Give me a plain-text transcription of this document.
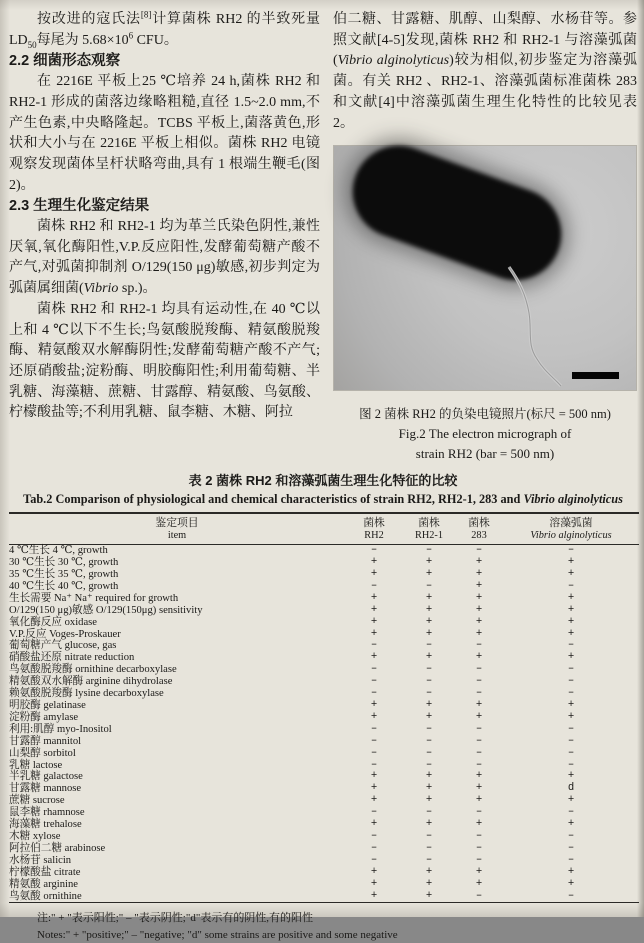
按改进的寇氏法[8]计算菌株 RH2 的半致死量 $LD_{50}$每尾为 $5.68\times 10^6$ CFU。

2.2 细菌形态观察

在 2216E 平板上25 ℃培养 24 h,菌株 RH2 和 RH2-1 形成的菌落边缘略粗糙,直径 1.5~2.0 mm,不产生色素,中央略隆起。TCBS 平板上,菌落黄色,形状和大小与在 2216E 平板上相似。菌株 RH2 电镜观察发现菌体呈杆状略弯曲,具有 1 根端生鞭毛(图 2)。

2.3 生理生化鉴定结果

菌株 RH2 和 RH2-1 均为革兰氏染色阴性,兼性厌氧,氧化酶阳性,V.P.反应阳性,发酵葡萄糖产酸不产气,对弧菌抑制剂 O/129(150 μg)敏感,初步判定为弧菌属细菌(Vibrio sp.)。

菌株 RH2 和 RH2-1 均具有运动性,在 40 ℃以上和 4 ℃以下不生长;鸟氨酸脱羧酶、精氨酸脱羧酶、精氨酸双水解酶阴性;发酵葡萄糖产酸不产气;还原硝酸盐;淀粉酶、明胶酶阳性;利用葡萄糖、半乳糖、海藻糖、蔗糖、甘露醇、精氨酸、鸟氨酸、柠檬酸盐等;不利用乳糖、鼠李糖、木糖、阿拉

伯二糖、甘露糖、肌醇、山梨醇、水杨苷等。参照文献[4-5]发现,菌株 RH2 和 RH2-1 与溶藻弧菌(Vibrio alginolyticus)较为相似,初步鉴定为溶藻弧菌。有关 RH2 、RH2-1、溶藻弧菌标准菌株 283 和文献[4]中溶藻弧菌生理生化特性的比较见表 2。

图 2 菌株 RH2 的负染电镜照片(标尺 = 500 nm)

Fig.2 The electron micrograph of

strain RH2 (bar = 500 nm)

表 2 菌株 RH2 和溶藻弧菌生理生化特征的比较
Tab.2 Comparison of physiological and chemical characteristics of strain RH2, RH2-1, 283 and Vibrio alginolyticus
鉴定项目
item

菌株
RH2

菌株
RH2-1

菌株
283

溶藻弧菌
Vibrio alginolyticus

4 ℃生长 4 ℃, growth	–	–	–	–
30 ℃生长 30 ℃, growth	+	+	+	+
35 ℃生长 35 ℃, growth	+	+	+	+
40 ℃生长 40 ℃, growth	–	–	+	–
生长需要 Na⁺ Na⁺ required for growth	+	+	+	+
O/129(150 μg)敏感 O/129(150μg) sensitivity	+	+	+	+
氧化酶反应 oxidase	+	+	+	+
V.P.反应 Voges-Proskauer	+	+	+	+
葡萄糖产气 glucose, gas	–	–	–	–
硝酸盐还原 nitrate reduction	+	+	+	+
鸟氨酸脱羧酶 ornithine decarboxylase	–	–	–	–
精氨酸双水解酶 arginine dihydrolase	–	–	–	–
赖氨酸脱羧酶 lysine decarboxylase	–	–	–	–
明胶酶 gelatinase	+	+	+	+
淀粉酶 amylase	+	+	+	+
利用:肌醇 myo-Inositol	–	–	–	–
甘露醇 mannitol	–	–	–	–
山梨醇 sorbitol	–	–	–	–
乳糖 lactose	–	–	–	–
半乳糖 galactose	+	+	+	+
甘露糖 mannose	+	+	+	d
蔗糖 sucrose	+	+	+	+
鼠李糖 rhamnose	–	–	–	–
海藻糖 trehalose	+	+	+	+
木糖 xylose	–	–	–	–
阿拉伯二糖 arabinose	–	–	–	–
水杨苷 salicin	–	–	–	–
柠檬酸盐 citrate	+	+	+	+
精氨酸 arginine	+	+	+	+
鸟氨酸 ornithine	+	+	–	–

注:" + "表示阳性;" – "表示阴性;"d"表示有的阴性,有的阳性

Notes:" + "positive;" – "negative; "d" some strains are positive and some negative
